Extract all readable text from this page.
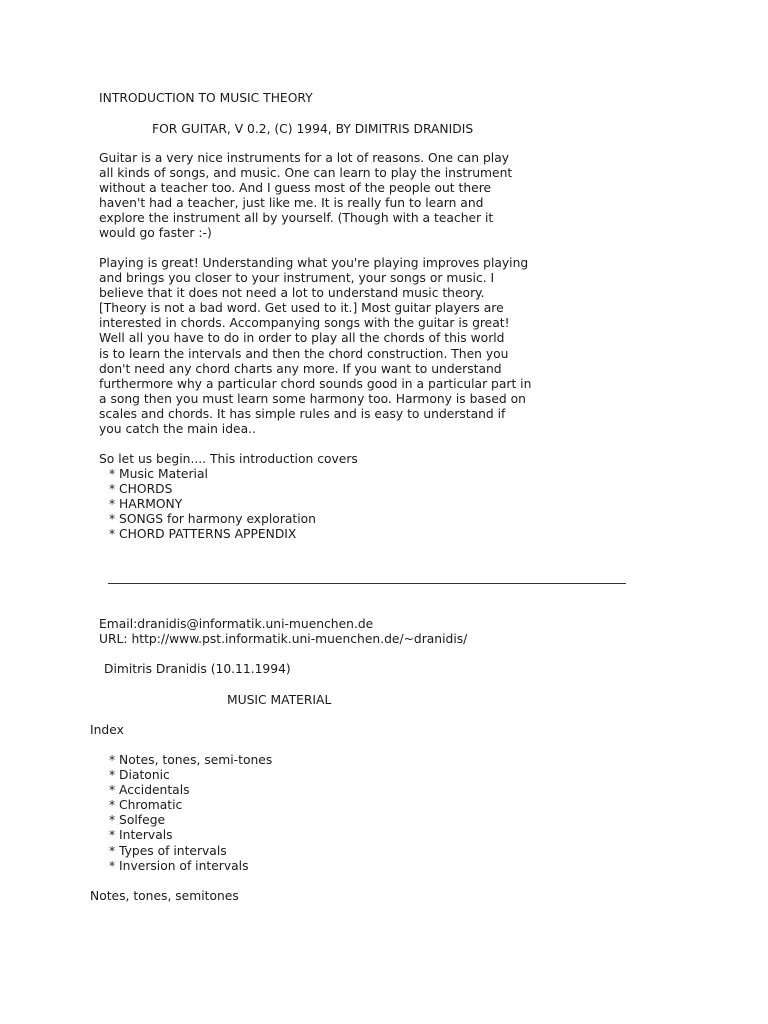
INTRODUCTION TO MUSIC THEORY

FOR GUITAR, V 0.2, (C) 1994, BY DIMITRIS DRANIDIS

Guitar is a very nice instruments for a lot of reasons. One can play
all kinds of songs, and music. One can learn to play the instrument
without a teacher too. And I guess most of the people out there
haven't had a teacher, just like me. It is really fun to learn and
explore the instrument all by yourself. (Though with a teacher it
would go faster :-)
Playing is great! Understanding what you're playing improves playing
and brings you closer to your instrument, your songs or music. I
believe that it does not need a lot to understand music theory.
[Theory is not a bad word. Get used to it.] Most guitar players are
interested in chords. Accompanying songs with the guitar is great!
Well all you have to do in order to play all the chords of this world
is to learn the intervals and then the chord construction. Then you
don't need any chord charts any more. If you want to understand
furthermore why a particular chord sounds good in a particular part in
a song then you must learn some harmony too. Harmony is based on
scales and chords. It has simple rules and is easy to understand if
you catch the main idea..

So let us begin.... This introduction covers

* Music Material
* CHORDS
* HARMONY
* SONGS for harmony exploration
* CHORD PATTERNS APPENDIX

Email:dranidis@informatik.uni-muenchen.de

URL: http://www.pst.informatik.uni-muenchen.de/~dranidis/

Dimitris Dranidis (10.11.1994)

MUSIC MATERIAL

Index

* Notes, tones, semi-tones
* Diatonic
* Accidentals
* Chromatic
* Solfege
* Intervals
* Types of intervals
* Inversion of intervals

Notes, tones, semitones
